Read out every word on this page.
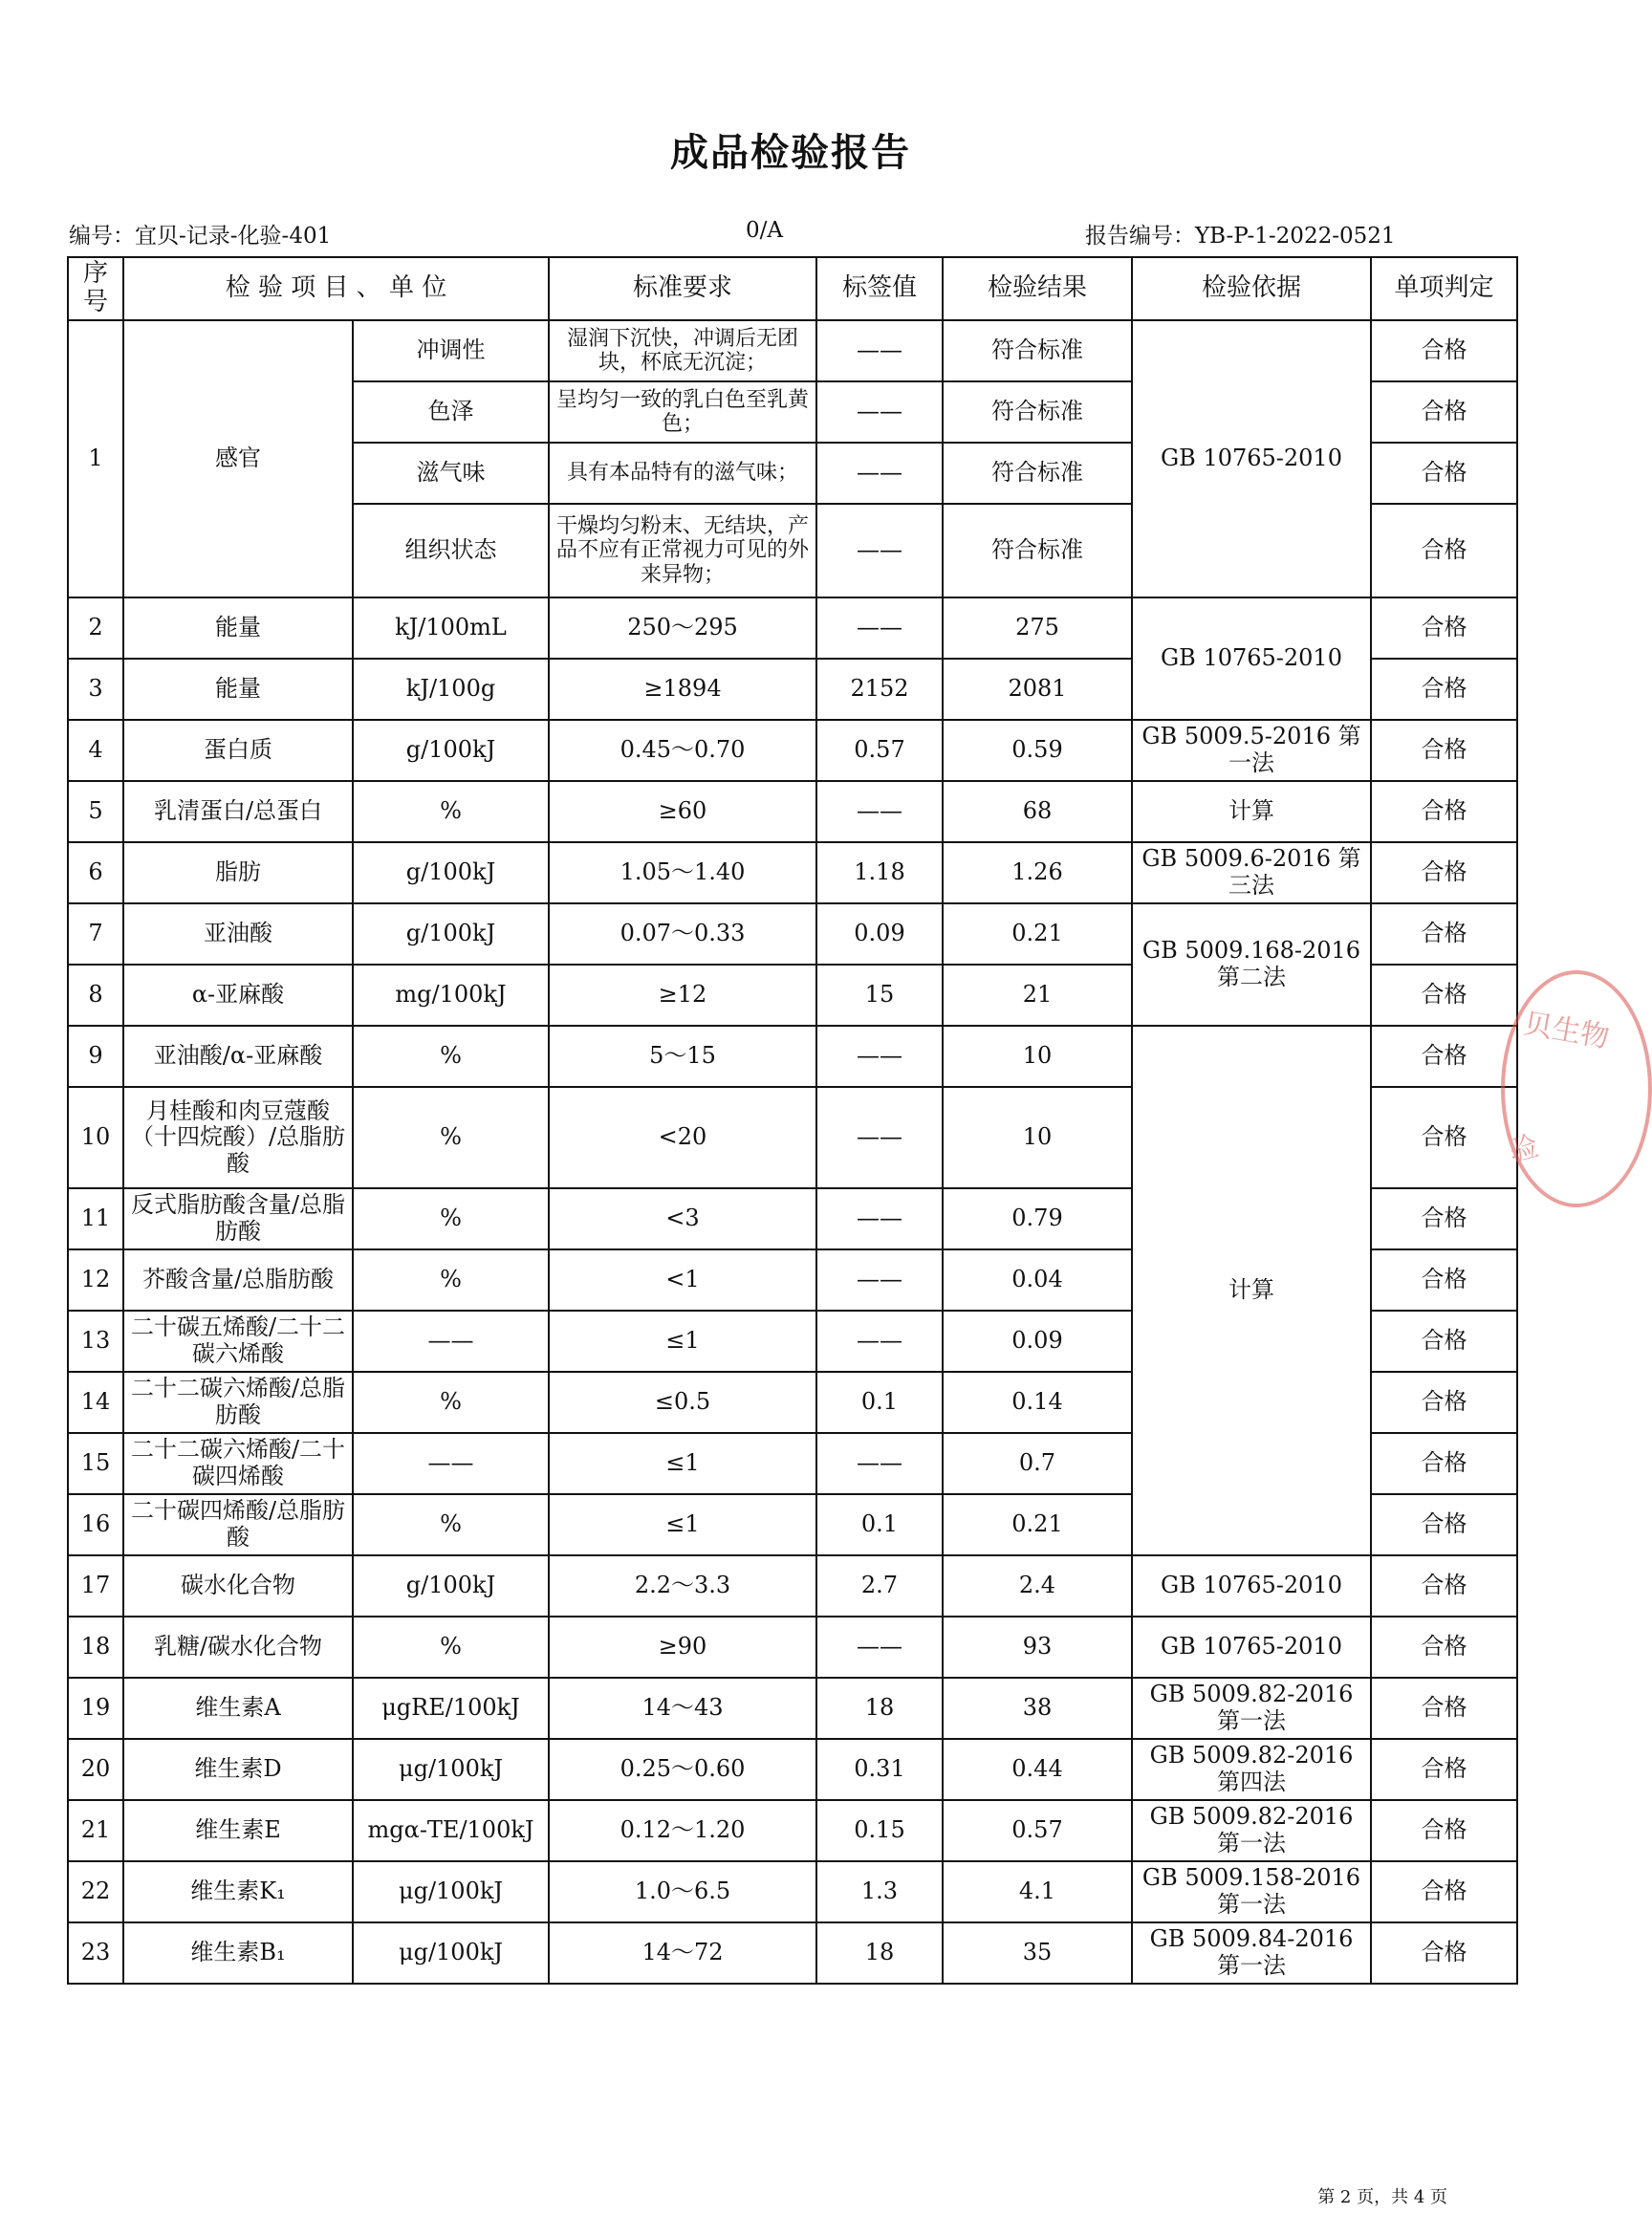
成品检验报告
编号：宜贝-记录-化验-401	0/A	报告编号：YB-P-1-2022-0521
序号	检 验 项 目 、 单 位		标准要求	标签值	检验结果	检验依据	单项判定
1	感官	冲调性	湿润下沉快，冲调后无团块，杯底无沉淀；	——	符合标准	GB 10765-2010	合格
		色泽	呈均匀一致的乳白色至乳黄色；	——	符合标准		合格
		滋气味	具有本品特有的滋气味；	——	符合标准		合格
		组织状态	干燥均匀粉末、无结块，产品不应有正常视力可见的外来异物；	——	符合标准		合格
2	能量	kJ/100mL	250～295	——	275	GB 10765-2010	合格
3	能量	kJ/100g	≥1894	2152	2081		合格
4	蛋白质	g/100kJ	0.45～0.70	0.57	0.59	GB 5009.5-2016 第一法	合格
5	乳清蛋白/总蛋白	%	≥60	——	68	计算	合格
6	脂肪	g/100kJ	1.05～1.40	1.18	1.26	GB 5009.6-2016 第三法	合格
7	亚油酸	g/100kJ	0.07～0.33	0.09	0.21	GB 5009.168-2016 第二法	合格
8	α-亚麻酸	mg/100kJ	≥12	15	21		合格
9	亚油酸/α-亚麻酸	%	5～15	——	10	计算	合格
10	月桂酸和肉豆蔻酸（十四烷酸）/总脂肪酸	%	<20	——	10		合格
11	反式脂肪酸含量/总脂肪酸	%	<3	——	0.79		合格
12	芥酸含量/总脂肪酸	%	<1	——	0.04		合格
13	二十碳五烯酸/二十二碳六烯酸	——	≤1	——	0.09		合格
14	二十二碳六烯酸/总脂肪酸	%	≤0.5	0.1	0.14		合格
15	二十二碳六烯酸/二十碳四烯酸	——	≤1	——	0.7		合格
16	二十碳四烯酸/总脂肪酸	%	≤1	0.1	0.21		合格
17	碳水化合物	g/100kJ	2.2～3.3	2.7	2.4	GB 10765-2010	合格
18	乳糖/碳水化合物	%	≥90	——	93	GB 10765-2010	合格
19	维生素A	μgRE/100kJ	14～43	18	38	GB 5009.82-2016 第一法	合格
20	维生素D	μg/100kJ	0.25～0.60	0.31	0.44	GB 5009.82-2016 第四法	合格
21	维生素E	mgα-TE/100kJ	0.12～1.20	0.15	0.57	GB 5009.82-2016 第一法	合格
22	维生素K₁	μg/100kJ	1.0～6.5	1.3	4.1	GB 5009.158-2016 第一法	合格
23	维生素B₁	μg/100kJ	14～72	18	35	GB 5009.84-2016 第一法	合格
贝生物
验
第 2 页，共 4 页
